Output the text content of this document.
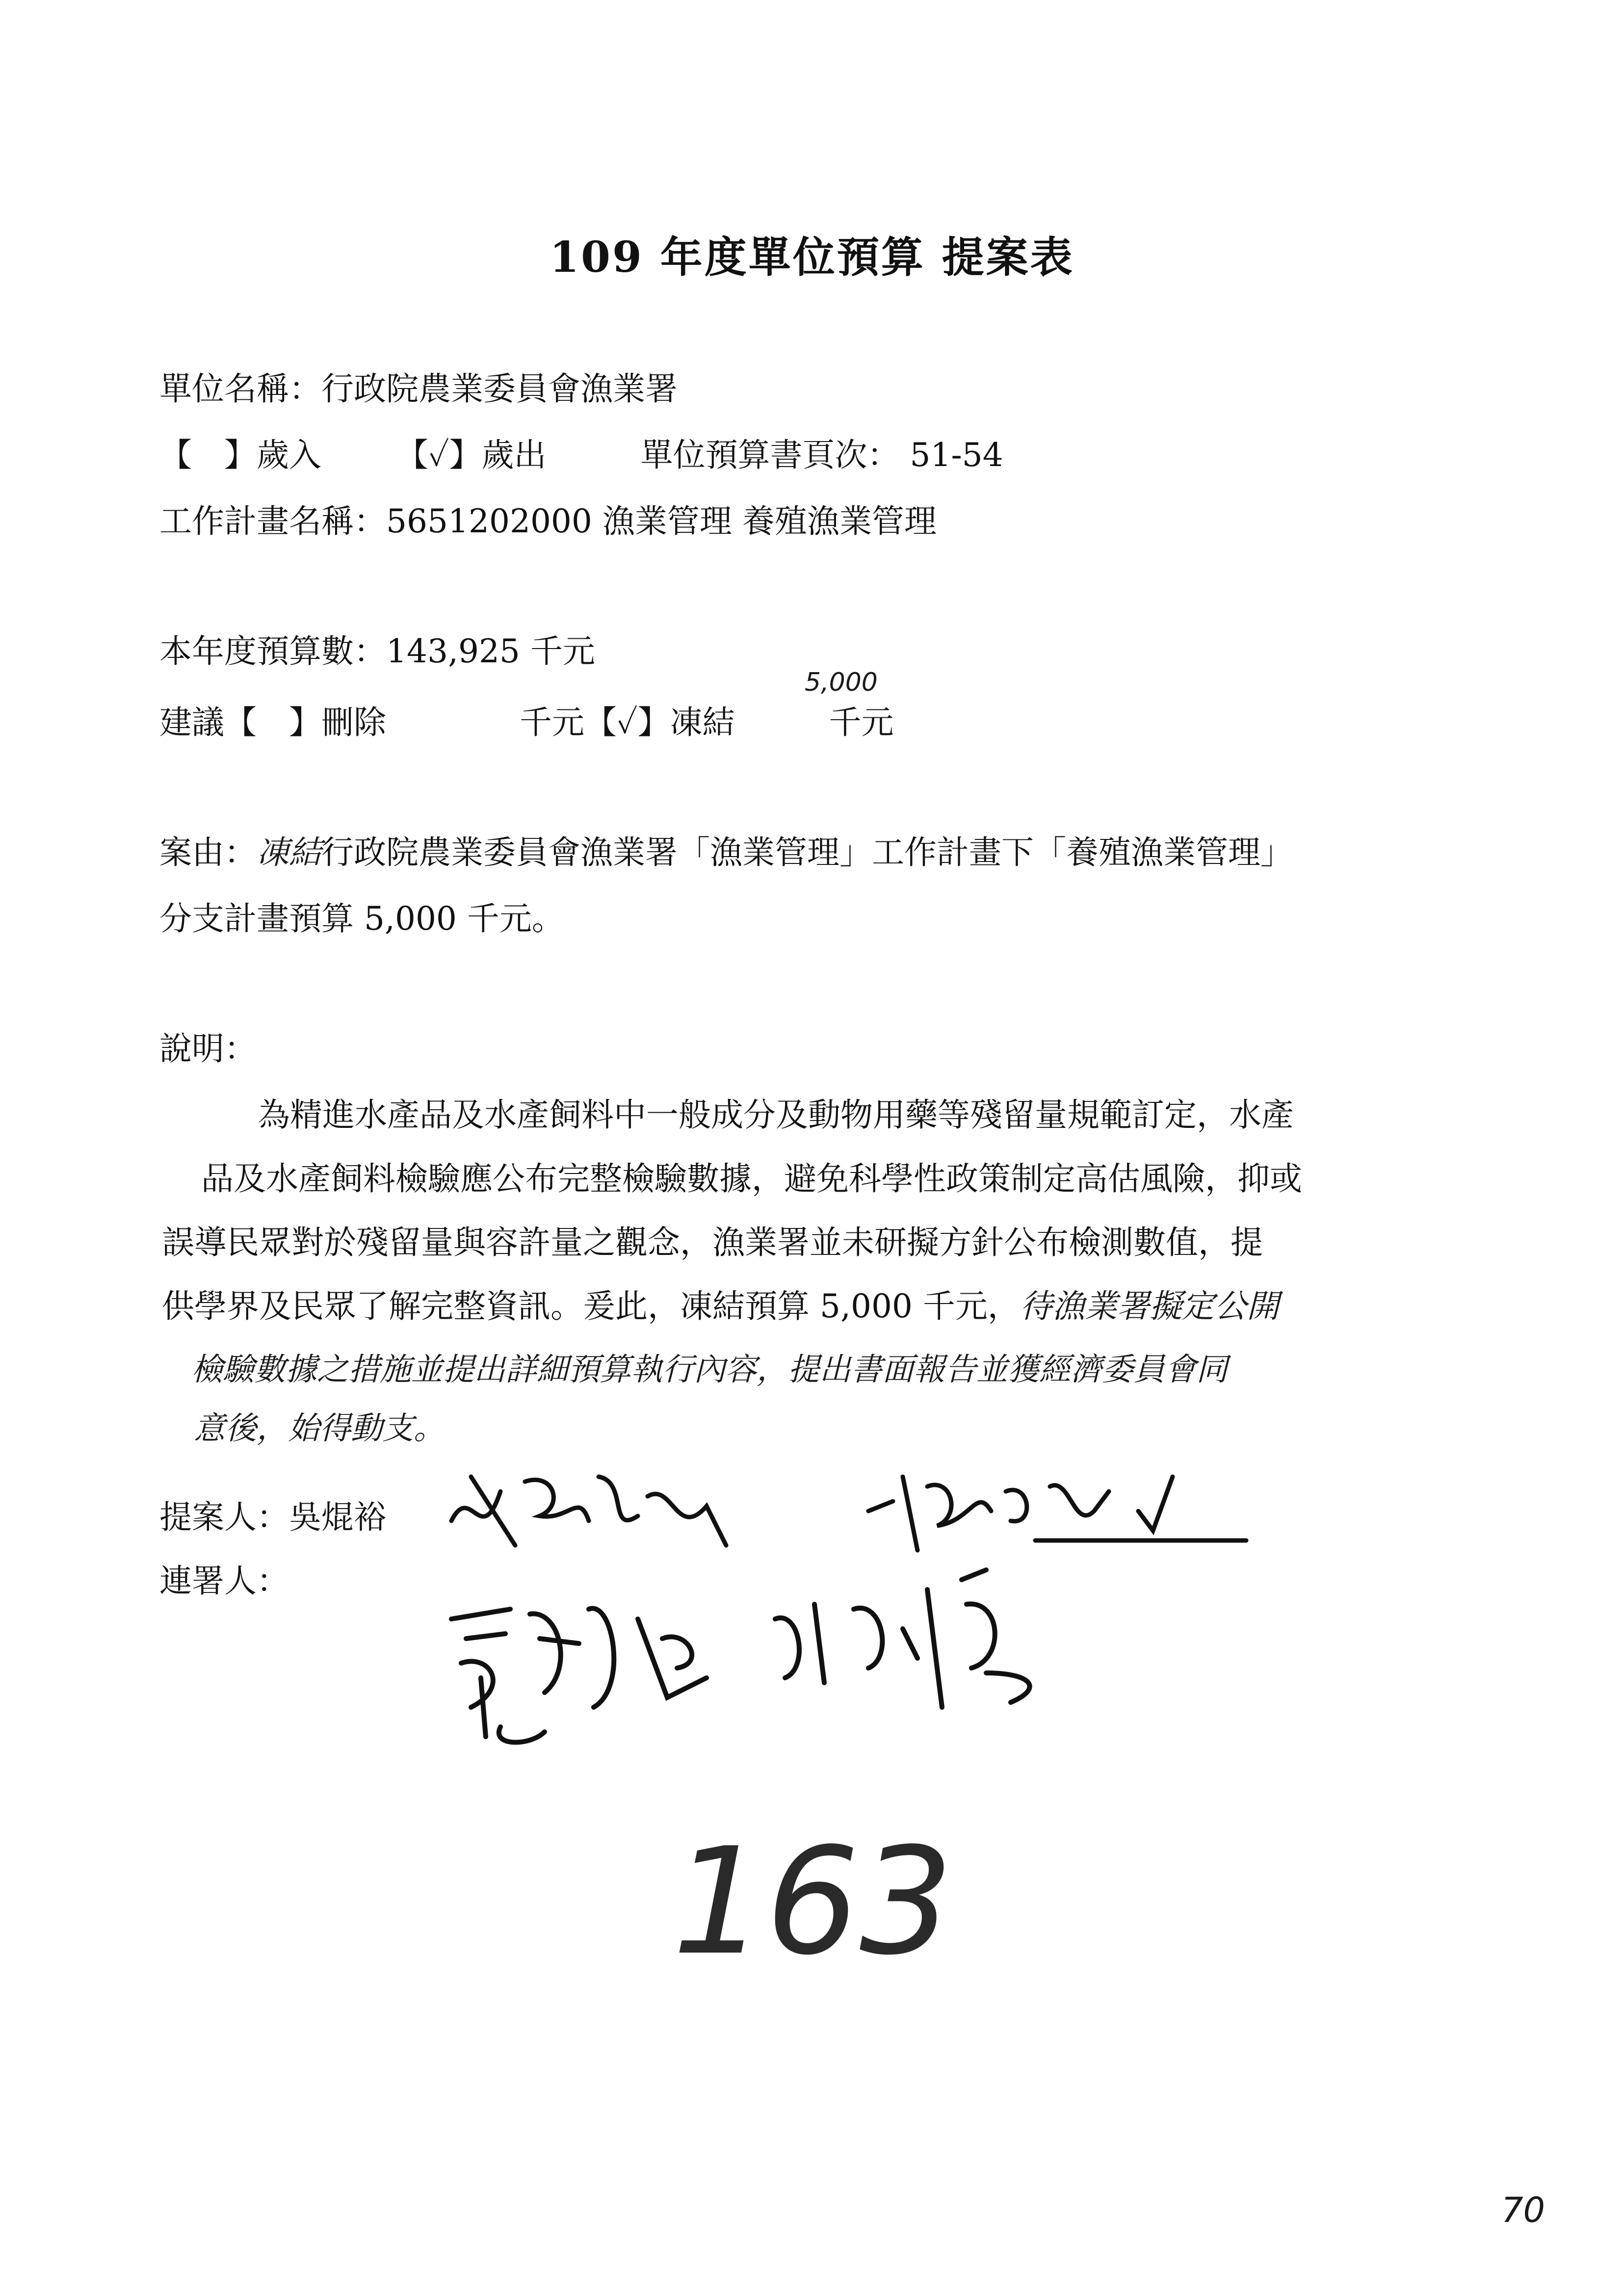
109 年度單位預算 提案表
單位名稱：行政院農業委員會漁業署
【　】歲入 【✓】歲出	單位預算書頁次： 51-54
工作計畫名稱：5651202000 漁業管理 養殖漁業管理
本年度預算數：143,925 千元
5,000
建議【　】刪除	千元【✓】凍結	千元
案由：凍結行政院農業委員會漁業署「漁業管理」工作計畫下「養殖漁業管理」
分支計畫預算 5,000 千元。
說明：
為精進水產品及水產飼料中一般成分及動物用藥等殘留量規範訂定，水產
品及水產飼料檢驗應公布完整檢驗數據，避免科學性政策制定高估風險，抑或
誤導民眾對於殘留量與容許量之觀念，漁業署並未研擬方針公布檢測數值，提
供學界及民眾了解完整資訊。爰此，凍結預算 5,000 千元，待漁業署擬定公開
檢驗數據之措施並提出詳細預算執行內容，提出書面報告並獲經濟委員會同
意後，始得動支。
提案人：吳焜裕
連署人：
163
70
